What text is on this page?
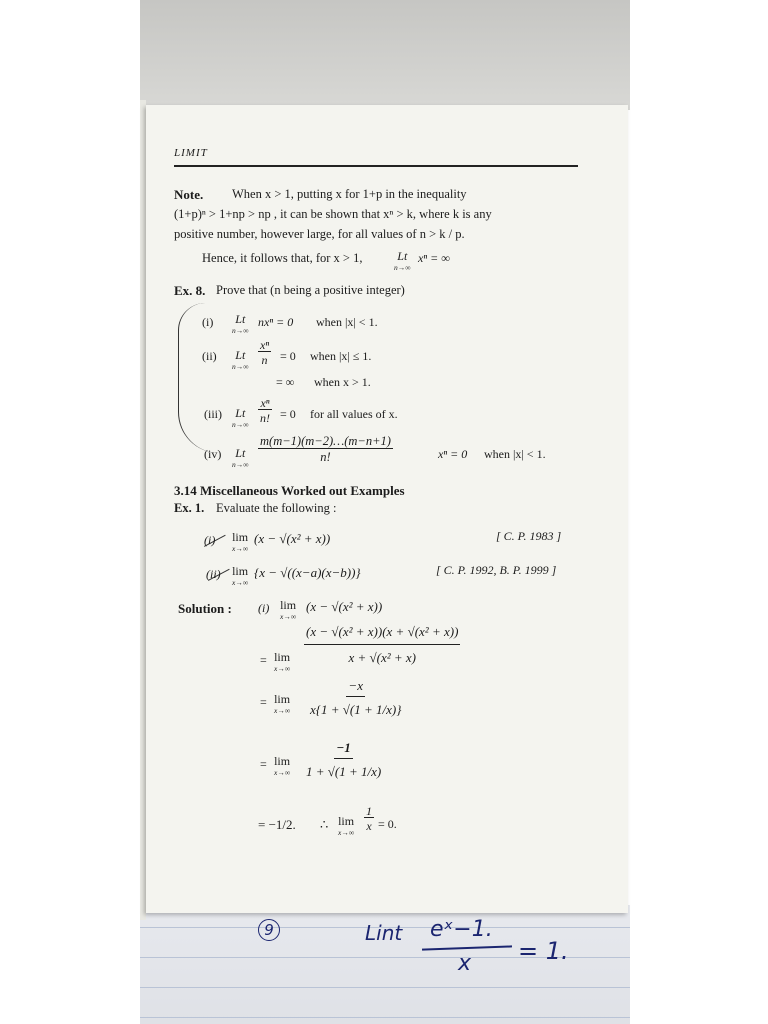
9	Lint eˣ−1.
x = 1.
LIMIT
Note. When x > 1, putting x for 1+p in the inequality
(1+p)ⁿ > 1+np > np , it can be shown that xⁿ > k, where k is any
positive number, however large, for all values of n > k / p.
Hence, it follows that, for x > 1,	Lt
n→∞
xⁿ = ∞
Ex. 8. Prove that (n being a positive integer)
(i) Lt
n→∞
nxⁿ = 0 when |x| < 1.
(ii) Lt
n→∞
$\frac{\text{xⁿ}}{n} = 0$ when |x| ≤ 1.
= ∞ when x > 1.
(iii) Lt
n→∞
$\frac{\text{xⁿ}}{n!} = 0$ for all values of x.
(iv) Lt
n→∞
$\frac{m(m-1)(m-2)\dots(m-n+1)}{n!}$	xⁿ = 0 when |x| < 1.
3.14 Miscellaneous Worked out Examples
Ex. 1. Evaluate the following :
(i) lim
x→∞
(x − √(x² + x))	[ C. P. 1983 ]
(ii) lim
x→∞
{x − √((x−a)(x−b))}	[ C. P. 1992, B. P. 1999 ]
Solution : (i) lim
x→∞
(x − √(x² + x))
= lim
x→∞
$\frac{\text{(x − √(x² + x))(x + √(x² + x))}}{\text{x + √(x² + x)}}$
= lim
$x\to\infty \frac{-x}{x\{1 + √(1 + 1/x)\}}$
= lim
$x\to\infty \frac{-1}{1 + √(1 + 1/x)}$
= −1/2. ∴ lim
x→∞
$\frac{1}{x} = 0$.
